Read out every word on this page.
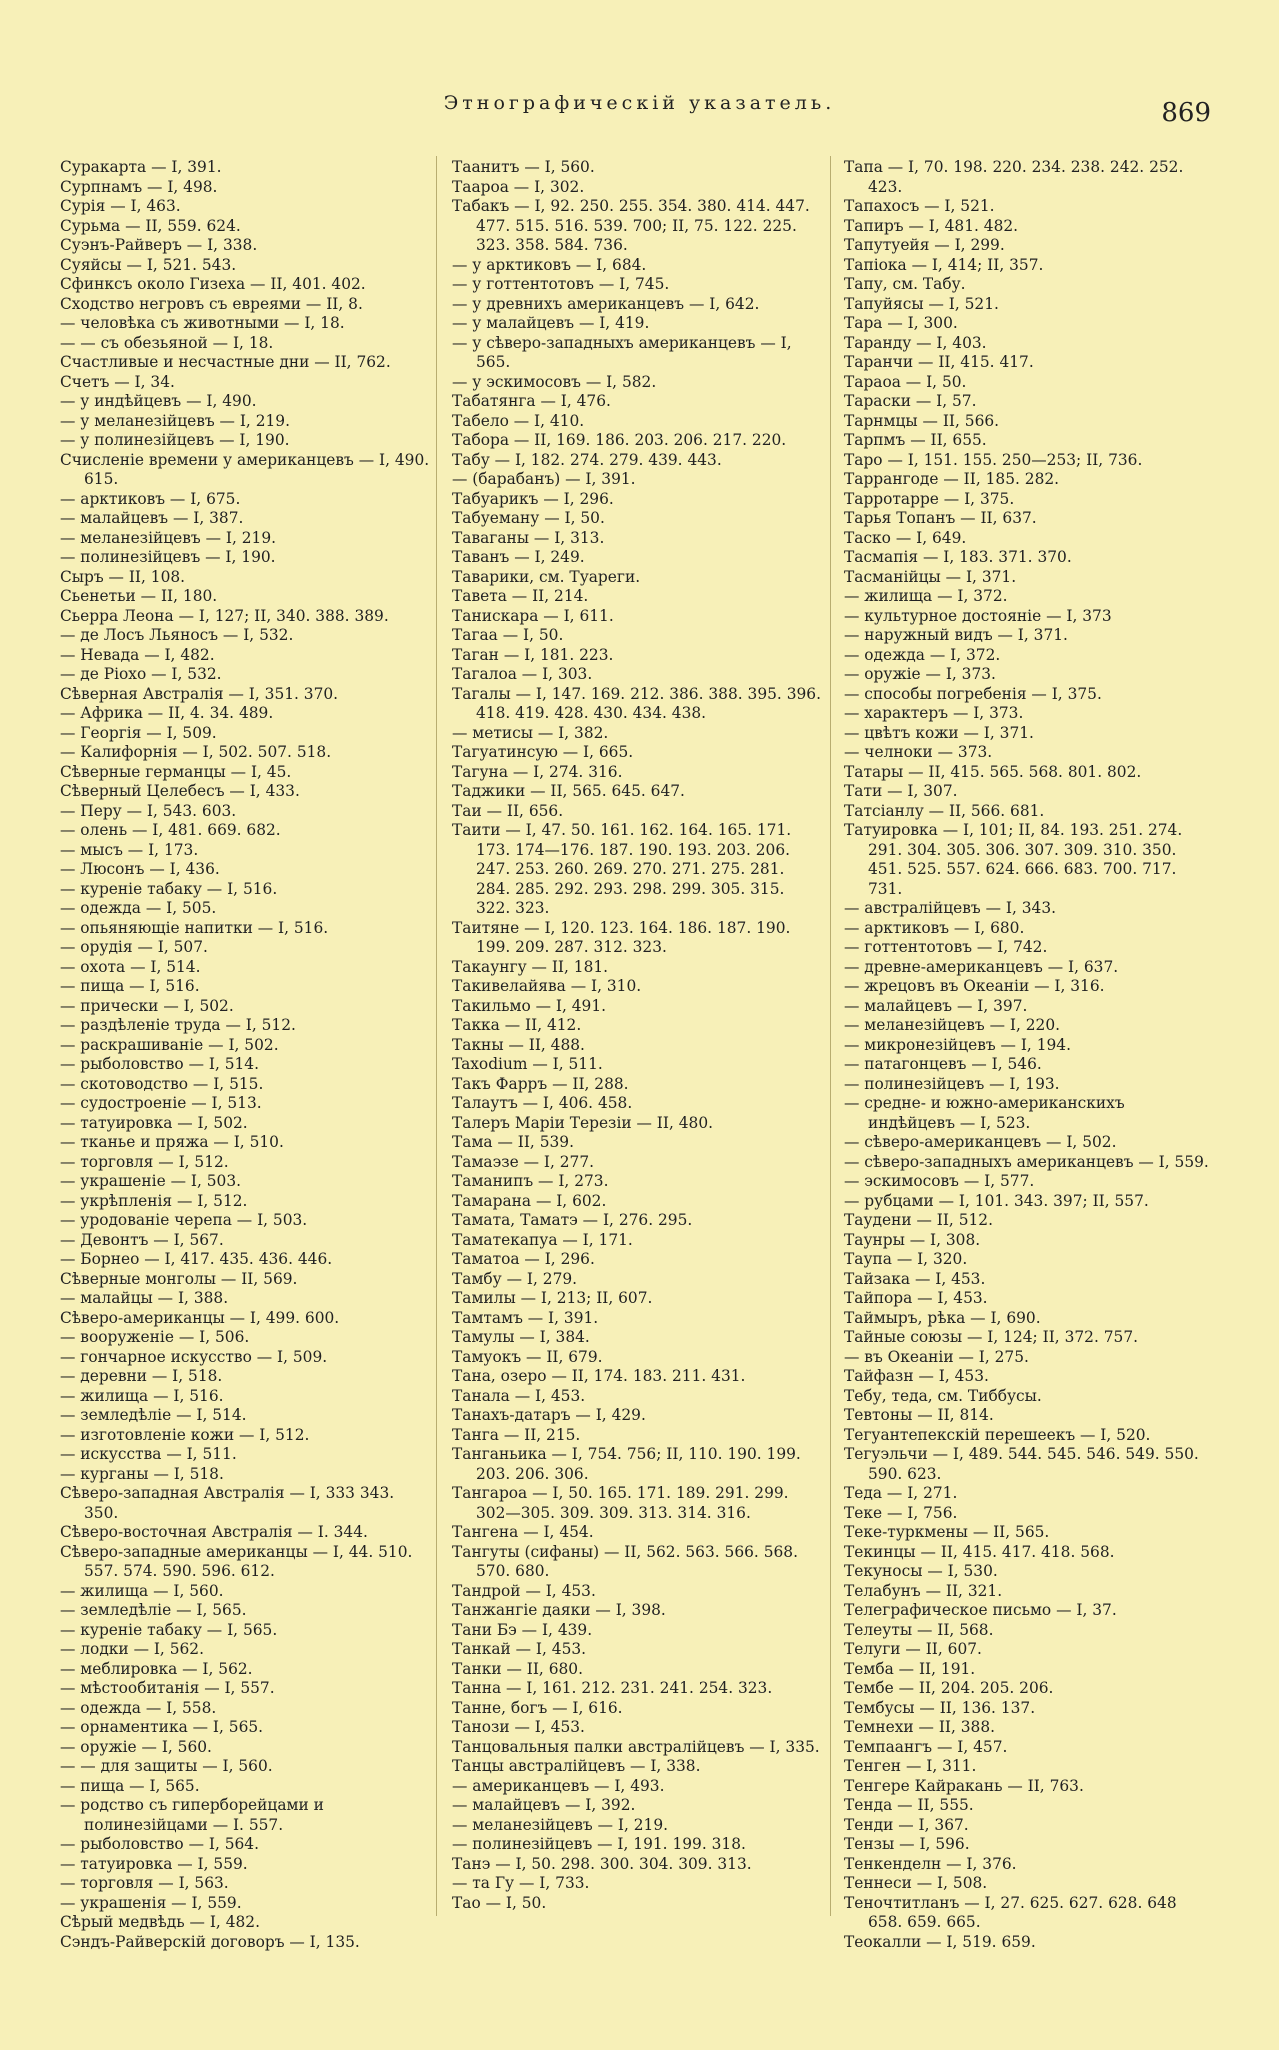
Этнографическій указатель.	869

Суракарта — I, 391.

Сурпнамъ — I, 498.

Сурія — I, 463.

Сурьма — II, 559. 624.

Суэнъ-Райверъ — I, 338.

Суяйсы — I, 521. 543.

Сфинксъ около Гизеха — II, 401. 402.

Сходство негровъ съ евреями — II, 8.

— человѣка съ животными — I, 18.

— — съ обезьяной — I, 18.

Счастливые и несчастные дни — II, 762.

Счетъ — I, 34.

— у индѣйцевъ — I, 490.

— у меланезійцевъ — I, 219.

— у полинезійцевъ — I, 190.

Счисленіе времени у американцевъ — I, 490. 615.

— арктиковъ — I, 675.

— малайцевъ — I, 387.

— меланезійцевъ — I, 219.

— полинезійцевъ — I, 190.

Сыръ — II, 108.

Сьенетьи — II, 180.

Сьерра Леона — I, 127; II, 340. 388. 389.

— де Лосъ Льяносъ — I, 532.

— Невада — I, 482.

— де Ріохо — I, 532.

Сѣверная Австралія — I, 351. 370.

— Африка — II, 4. 34. 489.

— Георгія — I, 509.

— Калифорнія — I, 502. 507. 518.

Сѣверные германцы — I, 45.

Сѣверный Целебесъ — I, 433.

— Перу — I, 543. 603.

— олень — I, 481. 669. 682.

— мысъ — I, 173.

— Люсонъ — I, 436.

— куреніе табаку — I, 516.

— одежда — I, 505.

— опьяняющіе напитки — I, 516.

— орудія — I, 507.

— охота — I, 514.

— пища — I, 516.

— прически — I, 502.

— раздѣленіе труда — I, 512.

— раскрашиваніе — I, 502.

— рыболовство — I, 514.

— скотоводство — I, 515.

— судостроеніе — I, 513.

— татуировка — I, 502.

— тканье и пряжа — I, 510.

— торговля — I, 512.

— украшеніе — I, 503.

— укрѣпленія — I, 512.

— уродованіе черепа — I, 503.

— Девонтъ — I, 567.

— Борнео — I, 417. 435. 436. 446.

Сѣверные монголы — II, 569.

— малайцы — I, 388.

Сѣверо-американцы — I, 499. 600.

— вооруженіе — I, 506.

— гончарное искусство — I, 509.

— деревни — I, 518.

— жилища — I, 516.

— земледѣліе — I, 514.

— изготовленіе кожи — I, 512.

— искусства — I, 511.

— курганы — I, 518.

Сѣверо-западная Австралія — I, 333 343. 350.

Сѣверо-восточная Австралія — I. 344.

Сѣверо-западные американцы — I, 44. 510. 557. 574. 590. 596. 612.

— жилища — I, 560.

— земледѣліе — I, 565.

— куреніе табаку — I, 565.

— лодки — I, 562.

— меблировка — I, 562.

— мѣстообитанія — I, 557.

— одежда — I, 558.

— орнаментика — I, 565.

— оружіе — I, 560.

— — для защиты — I, 560.

— пища — I, 565.

— родство съ гиперборейцами и полинезійцами — I. 557.

— рыболовство — I, 564.

— татуировка — I, 559.

— торговля — I, 563.

— украшенія — I, 559.

Сѣрый медвѣдь — I, 482.

Сэндъ-Райверскій договоръ — I, 135.

Таанитъ — I, 560.

Таароа — I, 302.

Табакъ — I, 92. 250. 255. 354. 380. 414. 447. 477. 515. 516. 539. 700; II, 75. 122. 225. 323. 358. 584. 736.

— у арктиковъ — I, 684.

— у готтентотовъ — I, 745.

— у древнихъ американцевъ — I, 642.

— у малайцевъ — I, 419.

— у сѣверо-западныхъ американцевъ — I, 565.

— у эскимосовъ — I, 582.

Табатянга — I, 476.

Табело — I, 410.

Табора — II, 169. 186. 203. 206. 217. 220.

Табу — I, 182. 274. 279. 439. 443.

— (барабанъ) — I, 391.

Табуарикъ — I, 296.

Табуеману — I, 50.

Таваганы — I, 313.

Таванъ — I, 249.

Таварики, см. Туареги.

Тавета — II, 214.

Танискара — I, 611.

Тагаа — I, 50.

Таган — I, 181. 223.

Тагалоа — I, 303.

Тагалы — I, 147. 169. 212. 386. 388. 395. 396. 418. 419. 428. 430. 434. 438.

— метисы — I, 382.

Тагуатинсую — I, 665.

Тагуна — I, 274. 316.

Таджики — II, 565. 645. 647.

Таи — II, 656.

Таити — I, 47. 50. 161. 162. 164. 165. 171. 173. 174—176. 187. 190. 193. 203. 206. 247. 253. 260. 269. 270. 271. 275. 281. 284. 285. 292. 293. 298. 299. 305. 315. 322. 323.

Таитяне — I, 120. 123. 164. 186. 187. 190. 199. 209. 287. 312. 323.

Такаунгу — II, 181.

Такивелайява — I, 310.

Такильмо — I, 491.

Такка — II, 412.

Такны — II, 488.

Taxodium — I, 511.

Такъ Фарръ — II, 288.

Талаутъ — I, 406. 458.

Талеръ Маріи Терезіи — II, 480.

Тама — II, 539.

Тамаэзе — I, 277.

Таманипъ — I, 273.

Тамарана — I, 602.

Тамата, Таматэ — I, 276. 295.

Таматекапуа — I, 171.

Таматоа — I, 296.

Тамбу — I, 279.

Тамилы — I, 213; II, 607.

Тамтамъ — I, 391.

Тамулы — I, 384.

Тамуокъ — II, 679.

Тана, озеро — II, 174. 183. 211. 431.

Танала — I, 453.

Танахъ-датаръ — I, 429.

Танга — II, 215.

Танганьика — I, 754. 756; II, 110. 190. 199. 203. 206. 306.

Тангароа — I, 50. 165. 171. 189. 291. 299. 302—305. 309. 309. 313. 314. 316.

Тангена — I, 454.

Тангуты (сифаны) — II, 562. 563. 566. 568. 570. 680.

Тандрой — I, 453.

Танжангіе даяки — I, 398.

Тани Бэ — I, 439.

Танкай — I, 453.

Танки — II, 680.

Танна — I, 161. 212. 231. 241. 254. 323.

Танне, богъ — I, 616.

Танози — I, 453.

Танцовальныя палки австралійцевъ — I, 335.

Танцы австралійцевъ — I, 338.

— американцевъ — I, 493.

— малайцевъ — I, 392.

— меланезійцевъ — I, 219.

— полинезійцевъ — I, 191. 199. 318.

Танэ — I, 50. 298. 300. 304. 309. 313.

— та Гу — I, 733.

Тао — I, 50.

Тапа — I, 70. 198. 220. 234. 238. 242. 252. 423.

Тапахосъ — I, 521.

Тапиръ — I, 481. 482.

Тапутуейя — I, 299.

Тапіока — I, 414; II, 357.

Тапу, см. Табу.

Тапуйясы — I, 521.

Тара — I, 300.

Таранду — I, 403.

Таранчи — II, 415. 417.

Тараоа — I, 50.

Тараски — I, 57.

Тарнмцы — II, 566.

Тарпмъ — II, 655.

Таро — I, 151. 155. 250—253; II, 736.

Таррангоде — II, 185. 282.

Тарротарре — I, 375.

Тарья Топанъ — II, 637.

Таско — I, 649.

Тасмапія — I, 183. 371. 370.

Тасманійцы — I, 371.

— жилища — I, 372.

— культурное достояніе — I, 373

— наружный видъ — I, 371.

— одежда — I, 372.

— оружіе — I, 373.

— способы погребенія — I, 375.

— характеръ — I, 373.

— цвѣтъ кожи — I, 371.

— челноки — 373.

Татары — II, 415. 565. 568. 801. 802.

Тати — I, 307.

Татсіанлу — II, 566. 681.

Татуировка — I, 101; II, 84. 193. 251. 274. 291. 304. 305. 306. 307. 309. 310. 350. 451. 525. 557. 624. 666. 683. 700. 717. 731.

— австралійцевъ — I, 343.

— арктиковъ — I, 680.

— готтентотовъ — I, 742.

— древне-американцевъ — I, 637.

— жрецовъ въ Океаніи — I, 316.

— малайцевъ — I, 397.

— меланезійцевъ — I, 220.

— микронезійцевъ — I, 194.

— патагонцевъ — I, 546.

— полинезійцевъ — I, 193.

— средне- и южно-американскихъ индѣйцевъ — I, 523.

— сѣверо-американцевъ — I, 502.

— сѣверо-западныхъ американцевъ — I, 559.

— эскимосовъ — I, 577.

— рубцами — I, 101. 343. 397; II, 557.

Таудени — II, 512.

Таунры — I, 308.

Таупа — I, 320.

Тайзака — I, 453.

Тайпора — I, 453.

Таймыръ, рѣка — I, 690.

Тайные союзы — I, 124; II, 372. 757.

— въ Океаніи — I, 275.

Тайфазн — I, 453.

Тебу, теда, см. Тиббусы.

Тевтоны — II, 814.

Тегуантепекскій перешеекъ — I, 520.

Тегуэльчи — I, 489. 544. 545. 546. 549. 550. 590. 623.

Теда — I, 271.

Теке — I, 756.

Теке-туркмены — II, 565.

Текинцы — II, 415. 417. 418. 568.

Текуносы — I, 530.

Телабунъ — II, 321.

Телеграфическое письмо — I, 37.

Телеуты — II, 568.

Телуги — II, 607.

Темба — II, 191.

Тембе — II, 204. 205. 206.

Тембусы — II, 136. 137.

Темнехи — II, 388.

Темпаангъ — I, 457.

Тенген — I, 311.

Тенгере Кайракань — II, 763.

Тенда — II, 555.

Тенди — I, 367.

Тензы — I, 596.

Тенкенделн — I, 376.

Теннеси — I, 508.

Теночтитланъ — I, 27. 625. 627. 628. 648 658. 659. 665.

Теокалли — I, 519. 659.
